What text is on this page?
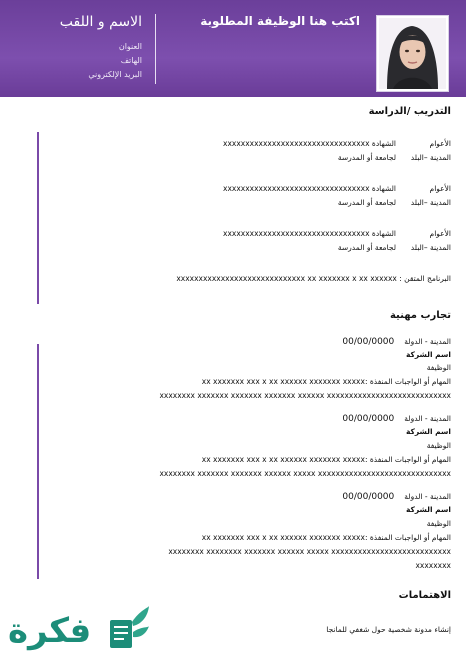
اكتب هنا الوظيفة المطلوبة
الاسم و اللقب
العنوان
الهاتف
البريد الإلكتروني
التدريب /الدراسة
الأعوامالشهادة xxxxxxxxxxxxxxxxxxxxxxxxxxxxxxxxx
المدينة –البلدلجامعة أو المدرسة
الأعوامالشهادة xxxxxxxxxxxxxxxxxxxxxxxxxxxxxxxxx
المدينة –البلدلجامعة أو المدرسة
الأعوامالشهادة xxxxxxxxxxxxxxxxxxxxxxxxxxxxxxxxx
المدينة –البلدلجامعة أو المدرسة
البرنامج المتقن : xxxxxxxxxxxxxxxxxxxxxxxxxxxxx xx xxxxxxx x xx xxxxxx
تجارب مهنية
المدينة - الدولة00/00/0000
اسم الشركة
الوظيفة
المهام أو الواجبات المنفذة :xx xxxxxxx xxx x xx xxxxxx xxxxxxx xxxxx
xxxxxxxx xxxxxxx xxxxxxx xxxxxxx xxxxxx xxxxxxxxxxxxxxxxxxxxxxxxxxxx
المدينة - الدولة00/00/0000
اسم الشركة
الوظيفة
المهام أو الواجبات المنفذة :xx xxxxxxx xxx x xx xxxxxx xxxxxxx xxxxx
xxxxxxxx xxxxxxx xxxxxxx xxxxxx xxxxx xxxxxxxxxxxxxxxxxxxxxxxxxxxxxx
المدينة - الدولة00/00/0000
اسم الشركة
الوظيفة
المهام أو الواجبات المنفذة :xx xxxxxxx xxx x xx xxxxxx xxxxxxx xxxxx
xxxxxxxx xxxxxxxx xxxxxxx xxxxxx xxxxx xxxxxxxxxxxxxxxxxxxxxxxxxxx
xxxxxxxx
الاهتمامات
إنشاء مدونة شخصية حول شغفي للمانجا
فكرة
